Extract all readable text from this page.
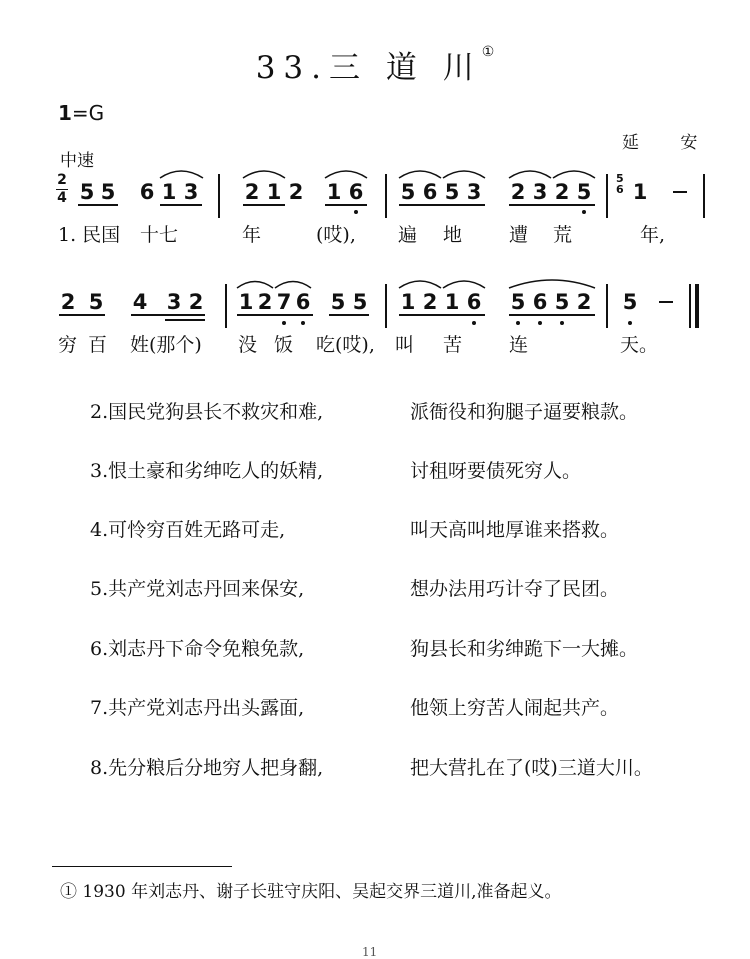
33.三 道 川①
1=G
中速
延 安
2
4 5 5 6 1 3 2 1 2 1 6 5 6 5 3 2 3 2 5
5
6 1
1. 民国 十七	年	(哎), 遍 地 遭 荒	年,
2 5 4 3 2 1 2 7 6 5 5 1 2 1 6 5 6 5 2 5
穷 百 姓(那个) 没 饭 吃(哎), 叫 苦 连	天。
2.国民党狗县长不救灾和难,	派衙役和狗腿子逼要粮款。
3.恨土豪和劣绅吃人的妖精,	讨租呀要债死穷人。
4.可怜穷百姓无路可走,	叫天高叫地厚谁来搭救。
5.共产党刘志丹回来保安,	想办法用巧计夺了民团。
6.刘志丹下命令免粮免款,	狗县长和劣绅跪下一大摊。
7.共产党刘志丹出头露面,	他领上穷苦人闹起共产。
8.先分粮后分地穷人把身翻,	把大营扎在了(哎)三道大川。
① 1930 年刘志丹、谢子长驻守庆阳、吴起交界三道川,准备起义。
11
